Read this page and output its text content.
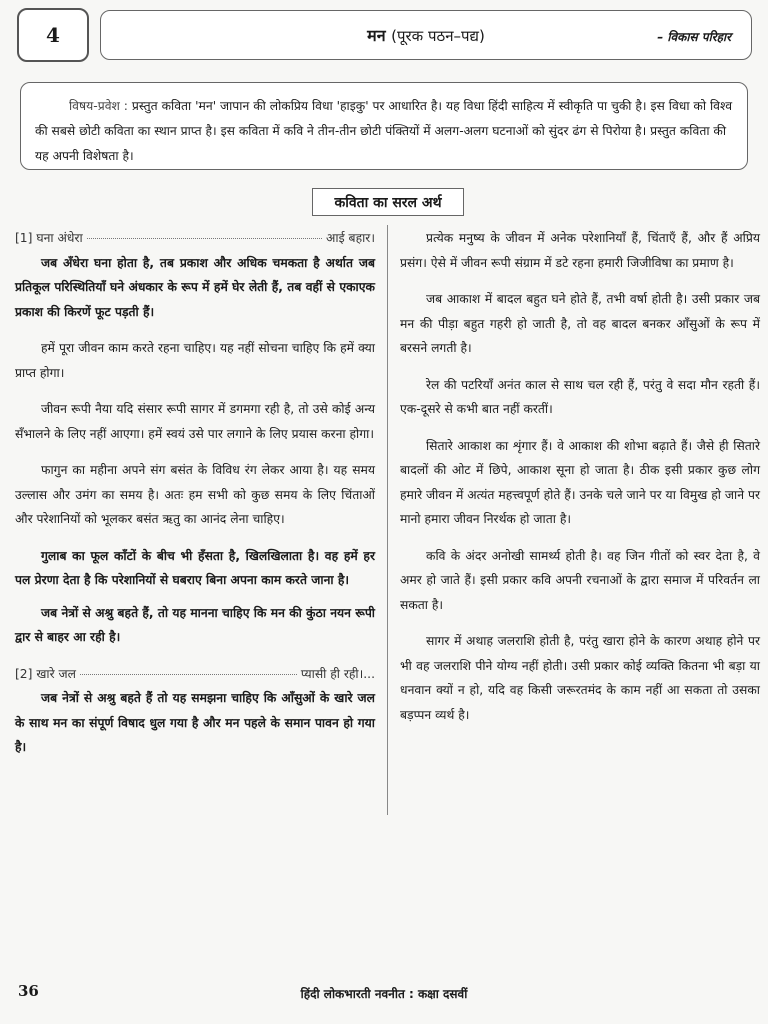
4	मन (पूरक पठन–पद्य)	– विकास परिहार
विषय-प्रवेश : प्रस्तुत कविता 'मन' जापान की लोकप्रिय विधा 'हाइकु' पर आधारित है। यह विधा हिंदी साहित्य में स्वीकृति पा चुकी है। इस विधा को विश्व की सबसे छोटी कविता का स्थान प्राप्त है। इस कविता में कवि ने तीन-तीन छोटी पंक्तियों में अलग-अलग घटनाओं को सुंदर ढंग से पिरोया है। प्रस्तुत कविता की यह अपनी विशेषता है।
कविता का सरल अर्थ
[1] घना अंधेरा	आई बहार।

जब अँधेरा घना होता है, तब प्रकाश और अधिक चमकता है अर्थात जब प्रतिकूल परिस्थितियाँ घने अंधकार के रूप में हमें घेर लेती हैं, तब वहीं से एकाएक प्रकाश की किरणें फूट पड़ती हैं।

हमें पूरा जीवन काम करते रहना चाहिए। यह नहीं सोचना चाहिए कि हमें क्या प्राप्त होगा।

जीवन रूपी नैया यदि संसार रूपी सागर में डगमगा रही है, तो उसे कोई अन्य सँभालने के लिए नहीं आएगा। हमें स्वयं उसे पार लगाने के लिए प्रयास करना होगा।

फागुन का महीना अपने संग बसंत के विविध रंग लेकर आया है। यह समय उल्लास और उमंग का समय है। अतः हम सभी को कुछ समय के लिए चिंताओं और परेशानियों को भूलकर बसंत ऋतु का आनंद लेना चाहिए।

गुलाब का फूल काँटों के बीच भी हँसता है, खिलखिलाता है। वह हमें हर पल प्रेरणा देता है कि परेशानियों से घबराए बिना अपना काम करते जाना है।

जब नेत्रों से अश्रु बहते हैं, तो यह मानना चाहिए कि मन की कुंठा नयन रूपी द्वार से बाहर आ रही है।

[2] खारे जल	प्यासी ही रही।...

जब नेत्रों से अश्रु बहते हैं तो यह समझना चाहिए कि आँसुओं के खारे जल के साथ मन का संपूर्ण विषाद धुल गया है और मन पहले के समान पावन हो गया है।

प्रत्येक मनुष्य के जीवन में अनेक परेशानियाँ हैं, चिंताएँ हैं, और हैं अप्रिय प्रसंग। ऐसे में जीवन रूपी संग्राम में डटे रहना हमारी जिजीविषा का प्रमाण है।

जब आकाश में बादल बहुत घने होते हैं, तभी वर्षा होती है। उसी प्रकार जब मन की पीड़ा बहुत गहरी हो जाती है, तो वह बादल बनकर आँसुओं के रूप में बरसने लगती है।

रेल की पटरियाँ अनंत काल से साथ चल रही हैं, परंतु वे सदा मौन रहती हैं। एक-दूसरे से कभी बात नहीं करतीं।

सितारे आकाश का शृंगार हैं। वे आकाश की शोभा बढ़ाते हैं। जैसे ही सितारे बादलों की ओट में छिपे, आकाश सूना हो जाता है। ठीक इसी प्रकार कुछ लोग हमारे जीवन में अत्यंत महत्त्वपूर्ण होते हैं। उनके चले जाने पर या विमुख हो जाने पर मानो हमारा जीवन निरर्थक हो जाता है।

कवि के अंदर अनोखी सामर्थ्य होती है। वह जिन गीतों को स्वर देता है, वे अमर हो जाते हैं। इसी प्रकार कवि अपनी रचनाओं के द्वारा समाज में परिवर्तन ला सकता है।

सागर में अथाह जलराशि होती है, परंतु खारा होने के कारण अथाह होने पर भी वह जलराशि पीने योग्य नहीं होती। उसी प्रकार कोई व्यक्ति कितना भी बड़ा या धनवान क्यों न हो, यदि वह किसी जरूरतमंद के काम नहीं आ सकता तो उसका बड़प्पन व्यर्थ है।

36	हिंदी लोकभारती नवनीत : कक्षा दसवीं
